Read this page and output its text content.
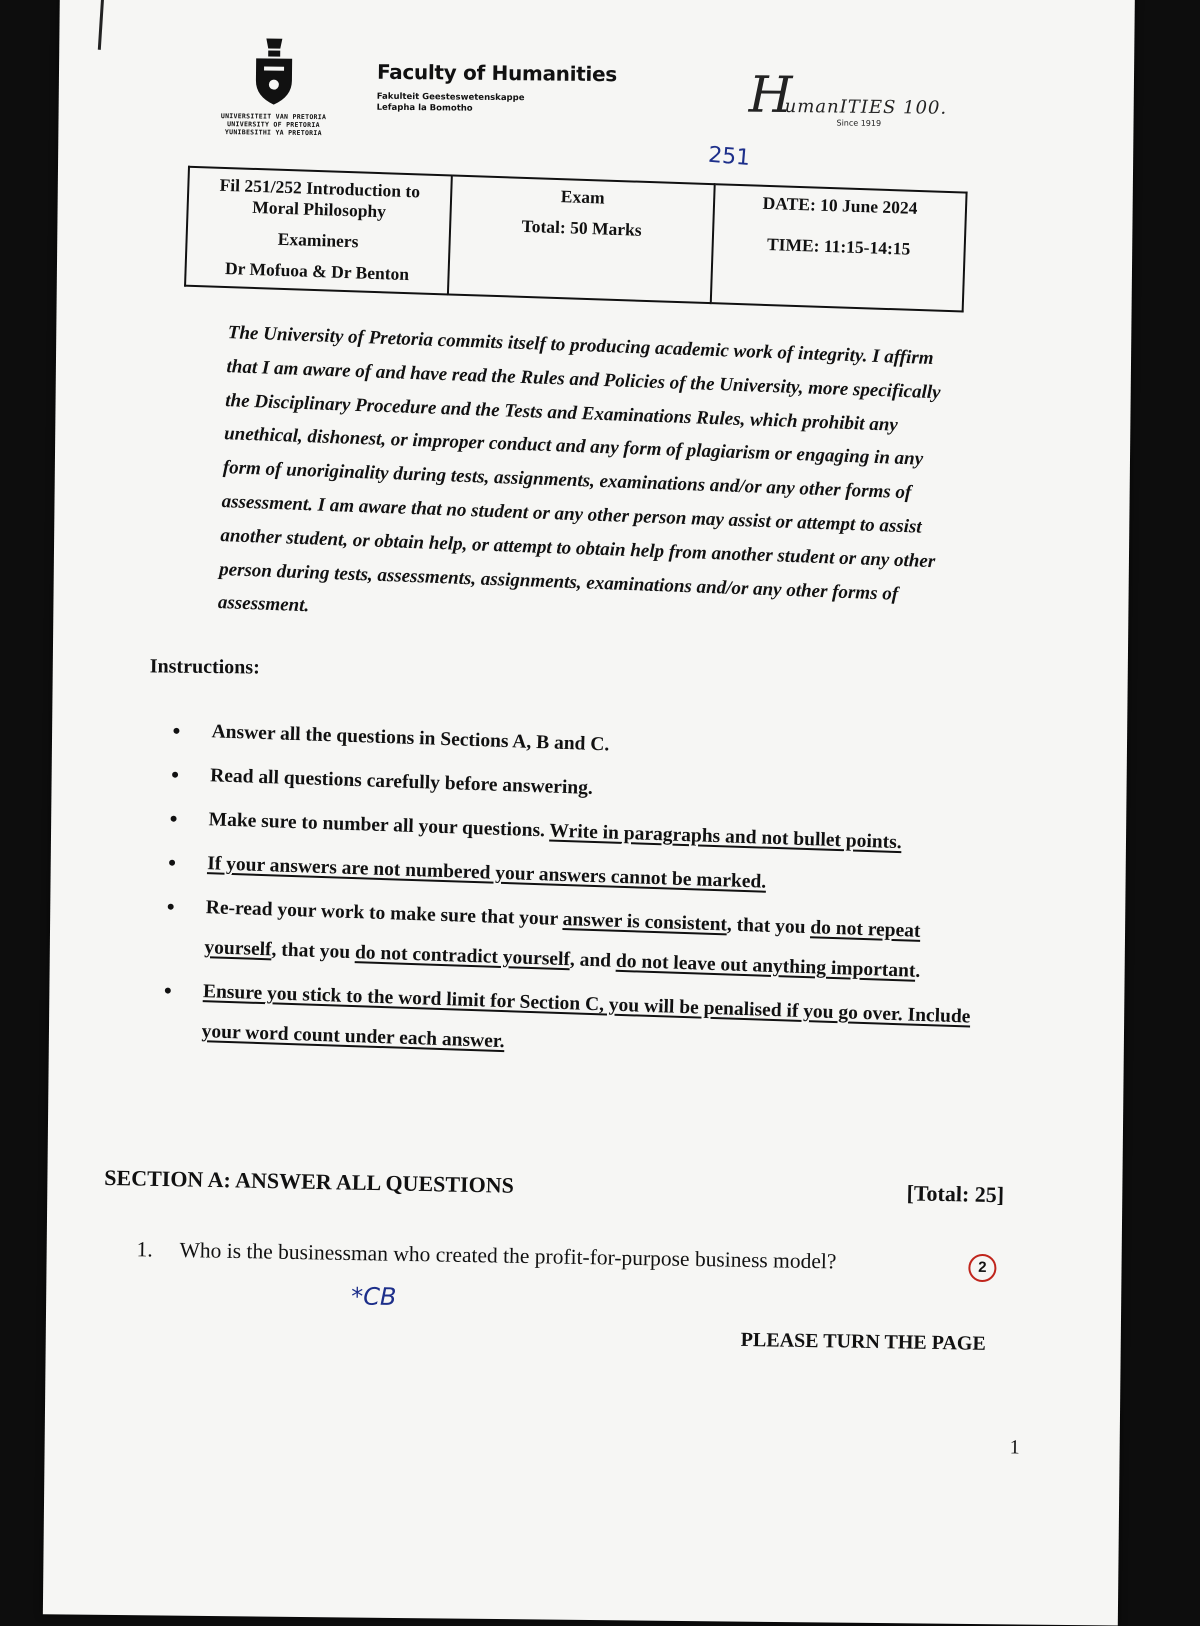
UNIVERSITEIT VAN PRETORIA
UNIVERSITY OF PRETORIA
YUNIBESITHI YA PRETORIA
Faculty of Humanities
Fakulteit Geesteswetenskappe
Lefapha la Bomotho	H
umanITIES 100.
Since 1919
251
Fil 251/252 Introduction to
Moral Philosophy
Examiners
Dr Mofuoa & Dr Benton

Exam
Total: 50 Marks

DATE: 10 June 2024
TIME: 11:15-14:15
The University of Pretoria commits itself to producing academic work of integrity. I affirm that I am aware of and have read the Rules and Policies of the University, more specifically the Disciplinary Procedure and the Tests and Examinations Rules, which prohibit any unethical, dishonest, or improper conduct and any form of plagiarism or engaging in any form of unoriginality during tests, assignments, examinations and/or any other forms of assessment. I am aware that no student or any other person may assist or attempt to assist another student, or obtain help, or attempt to obtain help from another student or any other person during tests, assessments, assignments, examinations and/or any other forms of assessment.
Instructions:
• Answer all the questions in Sections A, B and C.
• Read all questions carefully before answering.
• Make sure to number all your questions. Write in paragraphs and not bullet points.
• If your answers are not numbered your answers cannot be marked.
• Re-read your work to make sure that your answer is consistent, that you do not repeat yourself, that you do not contradict yourself, and do not leave out anything important.
• Ensure you stick to the word limit for Section C, you will be penalised if you go over. Include your word count under each answer.
SECTION A: ANSWER ALL QUESTIONS	[Total: 25]
1. Who is the businessman who created the profit-for-purpose business model?	2
*CB
PLEASE TURN THE PAGE
1
